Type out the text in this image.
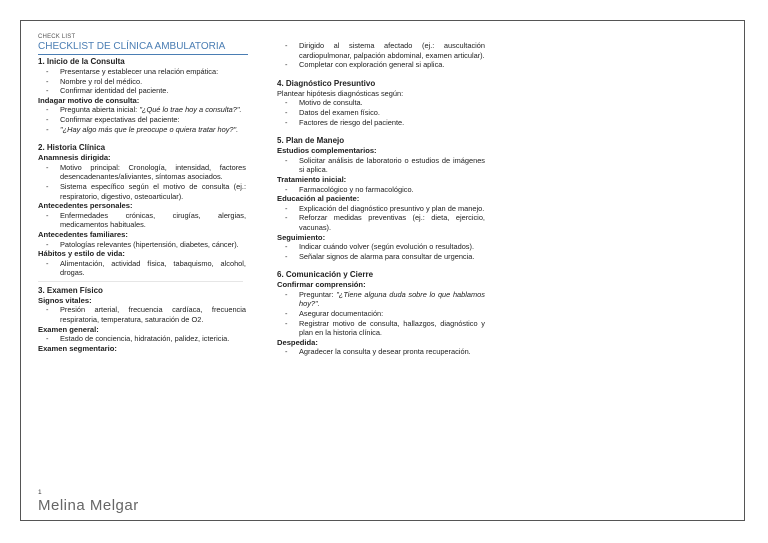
CHECK LIST
CHECKLIST DE CLÍNICA AMBULATORIA
1. Inicio de la Consulta
- Presentarse y establecer una relación empática:
- Nombre y rol del médico.
- Confirmar identidad del paciente.
Indagar motivo de consulta:
- Pregunta abierta inicial: "¿Qué lo trae hoy a consulta?".
- Confirmar expectativas del paciente:
- "¿Hay algo más que le preocupe o quiera tratar hoy?".
2. Historia Clínica
Anamnesis dirigida:
- Motivo principal: Cronología, intensidad, factores desencadenantes/aliviantes, síntomas asociados.
- Sistema específico según el motivo de consulta (ej.: respiratorio, digestivo, osteoarticular).
Antecedentes personales:
- Enfermedades crónicas, cirugías, alergias, medicamentos habituales.
Antecedentes familiares:
- Patologías relevantes (hipertensión, diabetes, cáncer).
Hábitos y estilo de vida:
- Alimentación, actividad física, tabaquismo, alcohol, drogas.
3. Examen Físico
Signos vitales:
- Presión arterial, frecuencia cardíaca, frecuencia respiratoria, temperatura, saturación de O2.
Examen general:
- Estado de conciencia, hidratación, palidez, ictericia.
Examen segmentario:
- Dirigido al sistema afectado (ej.: auscultación cardiopulmonar, palpación abdominal, examen articular).
- Completar con exploración general si aplica.
4. Diagnóstico Presuntivo
Plantear hipótesis diagnósticas según:
- Motivo de consulta.
- Datos del examen físico.
- Factores de riesgo del paciente.
5. Plan de Manejo
Estudios complementarios:
- Solicitar análisis de laboratorio o estudios de imágenes si aplica.
Tratamiento inicial:
- Farmacológico y no farmacológico.
Educación al paciente:
- Explicación del diagnóstico presuntivo y plan de manejo.
- Reforzar medidas preventivas (ej.: dieta, ejercicio, vacunas).
Seguimiento:
- Indicar cuándo volver (según evolución o resultados).
- Señalar signos de alarma para consultar de urgencia.
6. Comunicación y Cierre
Confirmar comprensión:
- Preguntar: "¿Tiene alguna duda sobre lo que hablamos hoy?".
- Asegurar documentación:
- Registrar motivo de consulta, hallazgos, diagnóstico y plan en la historia clínica.
Despedida:
- Agradecer la consulta y desear pronta recuperación.
1
Melina Melgar
